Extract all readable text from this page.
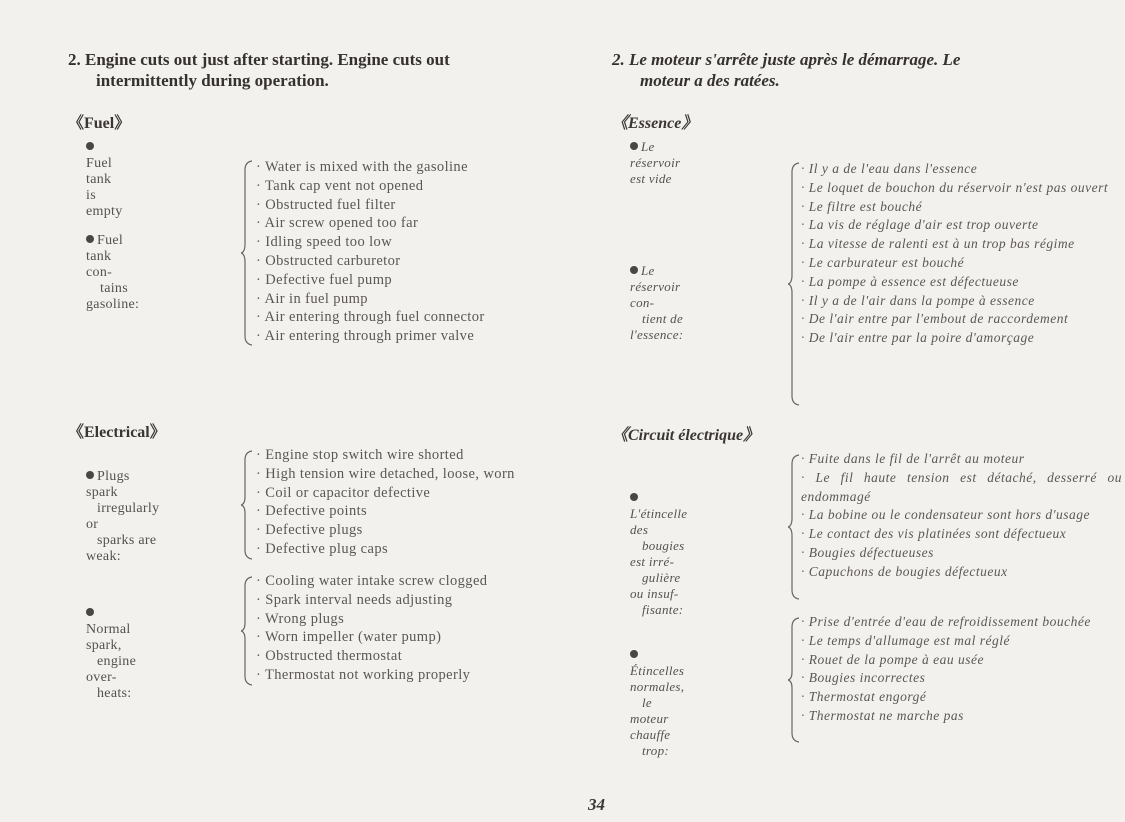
2. Engine cuts out just after starting. Engine cuts out
intermittently during operation.
《Fuel》
Fuel tank is empty
Fuel tank con-
tains gasoline:
· Water is mixed with the gasoline
· Tank cap vent not opened
· Obstructed fuel filter
· Air screw opened too far
· Idling speed too low
· Obstructed carburetor
· Defective fuel pump
· Air in fuel pump
· Air entering through fuel connector
· Air entering through primer valve
《Electrical》
Plugs spark
irregularly or
sparks are weak:
· Engine stop switch wire shorted
· High tension wire detached, loose, worn
· Coil or capacitor defective
· Defective points
· Defective plugs
· Defective plug caps
Normal spark,
engine over-
heats:
· Cooling water intake screw clogged
· Spark interval needs adjusting
· Wrong plugs
· Worn impeller (water pump)
· Obstructed thermostat
· Thermostat not working properly
2. Le moteur s'arrête juste après le démarrage. Le
moteur a des ratées.
《Essence》
Le réservoir est vide
Le réservoir con-
tient de l'essence:
· Il y a de l'eau dans l'essence
· Le loquet de bouchon du réservoir n'est pas ouvert
· Le filtre est bouché
· La vis de réglage d'air est trop ouverte
· La vitesse de ralenti est à un trop bas régime
· Le carburateur est bouché
· La pompe à essence est défectueuse
· Il y a de l'air dans la pompe à essence
· De l'air entre par l'embout de raccordement
· De l'air entre par la poire d'amorçage
《Circuit électrique》
L'étincelle des
bougies est irré-
gulière ou insuf-
fisante:
· Fuite dans le fil de l'arrêt au moteur
· Le fil haute tension est détaché, desserré ou endommagé
· La bobine ou le condensateur sont hors d'usage
· Le contact des vis platinées sont défectueux
· Bougies défectueuses
· Capuchons de bougies défectueux
Étincelles normales,
le moteur chauffe
trop:
· Prise d'entrée d'eau de refroidissement bouchée
· Le temps d'allumage est mal réglé
· Rouet de la pompe à eau usée
· Bougies incorrectes
· Thermostat engorgé
· Thermostat ne marche pas
34
